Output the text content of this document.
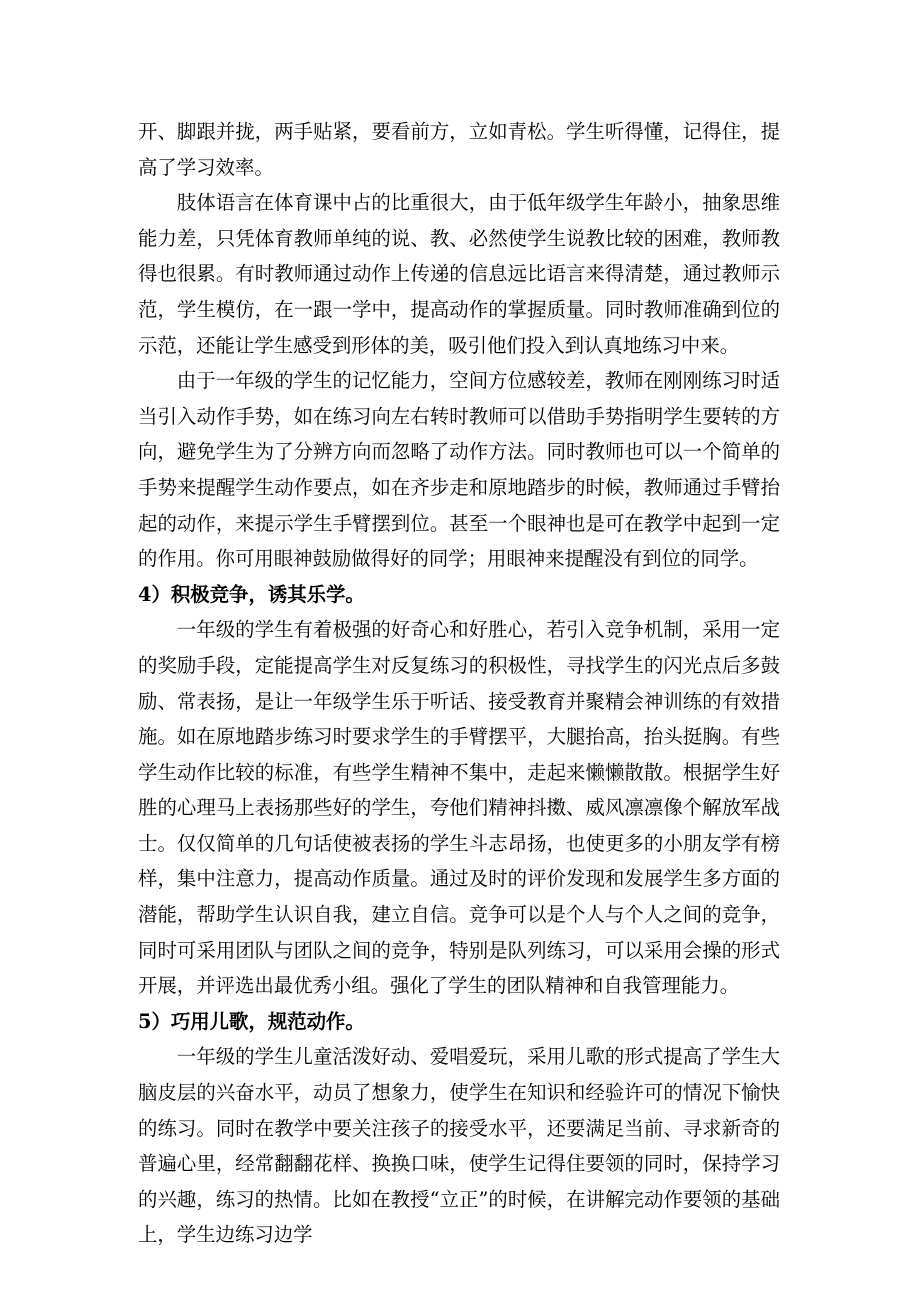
开、脚跟并拢，两手贴紧，要看前方，立如青松。学生听得懂，记得住，提高了学习效率。

肢体语言在体育课中占的比重很大，由于低年级学生年龄小，抽象思维能力差，只凭体育教师单纯的说、教、必然使学生说教比较的困难，教师教得也很累。有时教师通过动作上传递的信息远比语言来得清楚，通过教师示范，学生模仿，在一跟一学中，提高动作的掌握质量。同时教师准确到位的示范，还能让学生感受到形体的美，吸引他们投入到认真地练习中来。

由于一年级的学生的记忆能力，空间方位感较差，教师在刚刚练习时适当引入动作手势，如在练习向左右转时教师可以借助手势指明学生要转的方向，避免学生为了分辨方向而忽略了动作方法。同时教师也可以一个简单的手势来提醒学生动作要点，如在齐步走和原地踏步的时候，教师通过手臂抬起的动作，来提示学生手臂摆到位。甚至一个眼神也是可在教学中起到一定的作用。你可用眼神鼓励做得好的同学；用眼神来提醒没有到位的同学。

4）积极竞争，诱其乐学。

一年级的学生有着极强的好奇心和好胜心，若引入竞争机制，采用一定的奖励手段，定能提高学生对反复练习的积极性，寻找学生的闪光点后多鼓励、常表扬，是让一年级学生乐于听话、接受教育并聚精会神训练的有效措施。如在原地踏步练习时要求学生的手臂摆平，大腿抬高，抬头挺胸。有些学生动作比较的标准，有些学生精神不集中，走起来懒懒散散。根据学生好胜的心理马上表扬那些好的学生，夸他们精神抖擞、威风凛凛像个解放军战士。仅仅简单的几句话使被表扬的学生斗志昂扬，也使更多的小朋友学有榜样，集中注意力，提高动作质量。通过及时的评价发现和发展学生多方面的潜能，帮助学生认识自我，建立自信。竞争可以是个人与个人之间的竞争，同时可采用团队与团队之间的竞争，特别是队列练习，可以采用会操的形式开展，并评选出最优秀小组。强化了学生的团队精神和自我管理能力。

5）巧用儿歌，规范动作。

一年级的学生儿童活泼好动、爱唱爱玩，采用儿歌的形式提高了学生大脑皮层的兴奋水平，动员了想象力，使学生在知识和经验许可的情况下愉快的练习。同时在教学中要关注孩子的接受水平，还要满足当前、寻求新奇的普遍心里，经常翻翻花样、换换口味，使学生记得住要领的同时，保持学习的兴趣，练习的热情。比如在教授“立正”的时候，在讲解完动作要领的基础上，学生边练习边学
